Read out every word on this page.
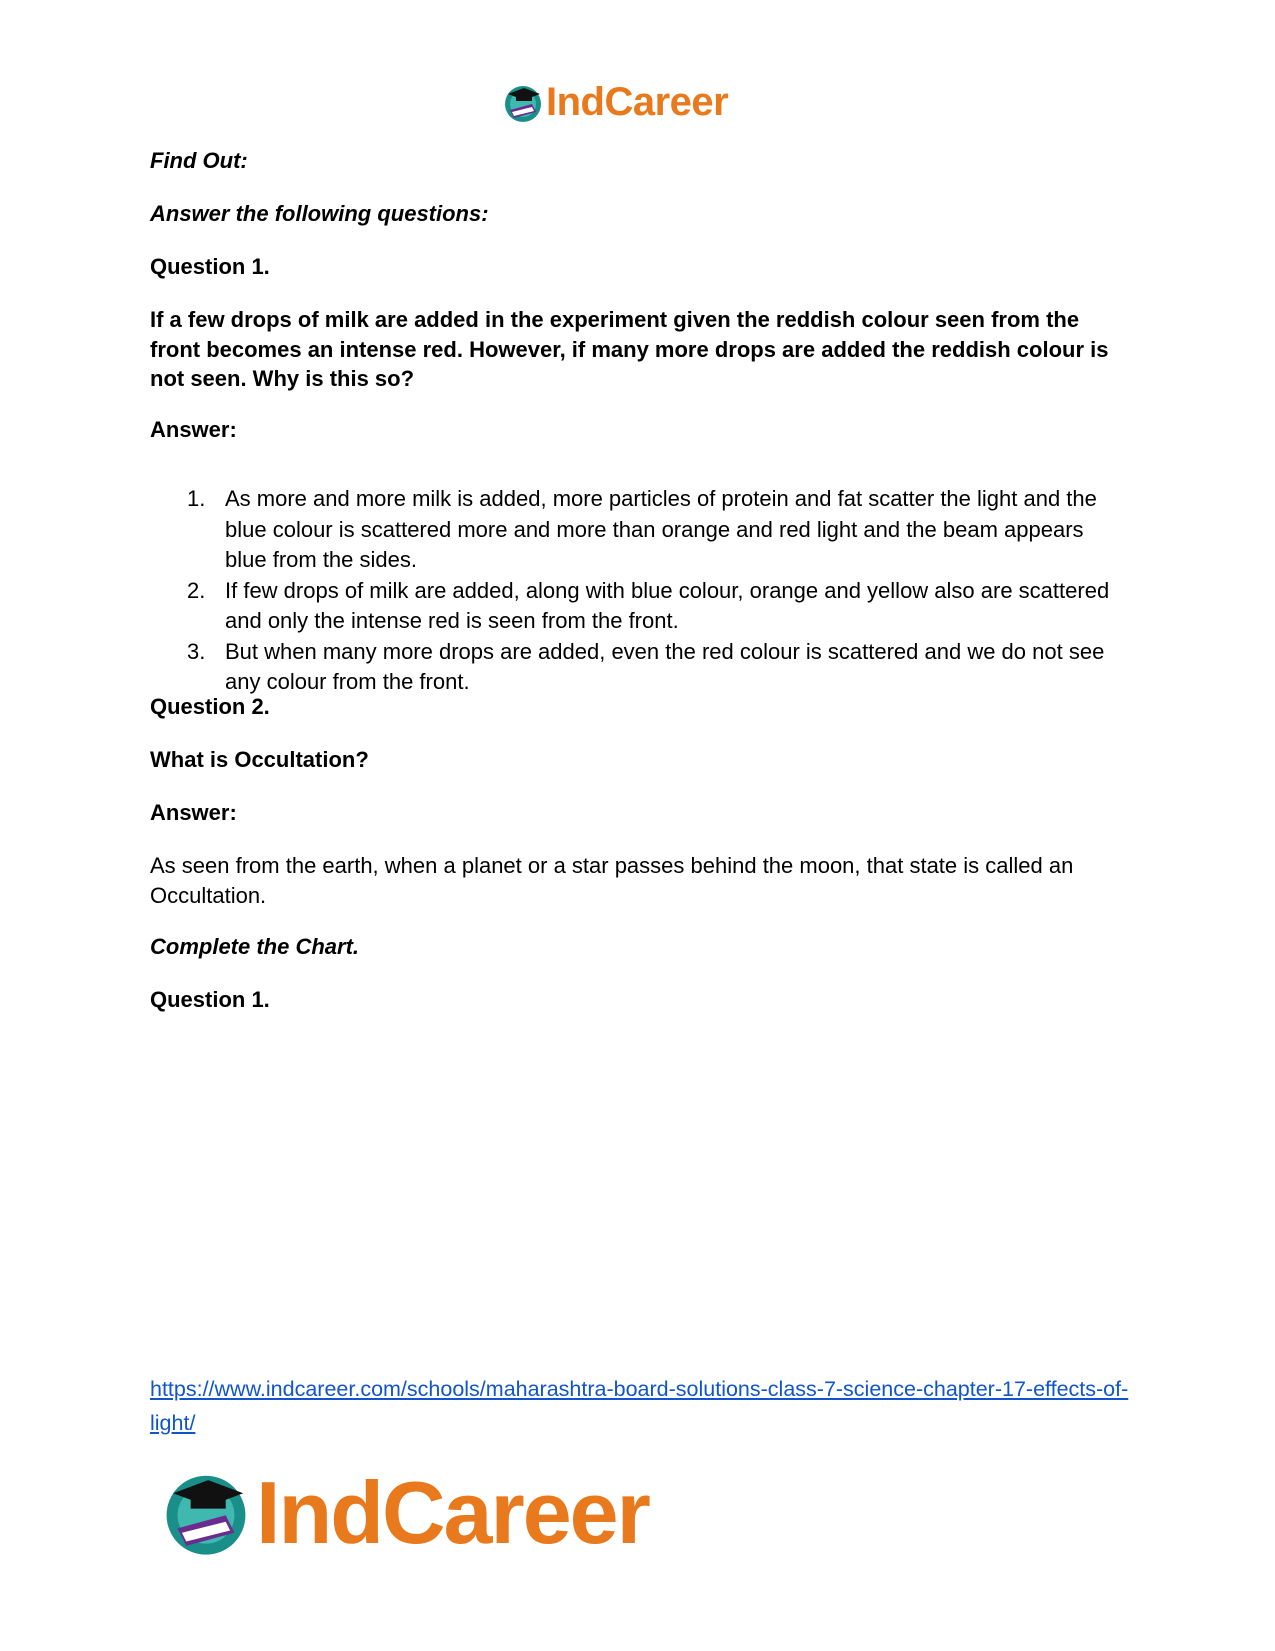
IndCareer
Find Out:
Answer the following questions:
Question 1.
If a few drops of milk are added in the experiment given the reddish colour seen from the front becomes an intense red. However, if many more drops are added the reddish colour is not seen. Why is this so?
Answer:
1. As more and more milk is added, more particles of protein and fat scatter the light and the blue colour is scattered more and more than orange and red light and the beam appears blue from the sides.
2. If few drops of milk are added, along with blue colour, orange and yellow also are scattered and only the intense red is seen from the front.
3. But when many more drops are added, even the red colour is scattered and we do not see any colour from the front.
Question 2.
What is Occultation?
Answer:
As seen from the earth, when a planet or a star passes behind the moon, that state is called an Occultation.
Complete the Chart.
Question 1.
https://www.indcareer.com/schools/maharashtra-board-solutions-class-7-science-chapter-17-effects-of-light/
IndCareer
